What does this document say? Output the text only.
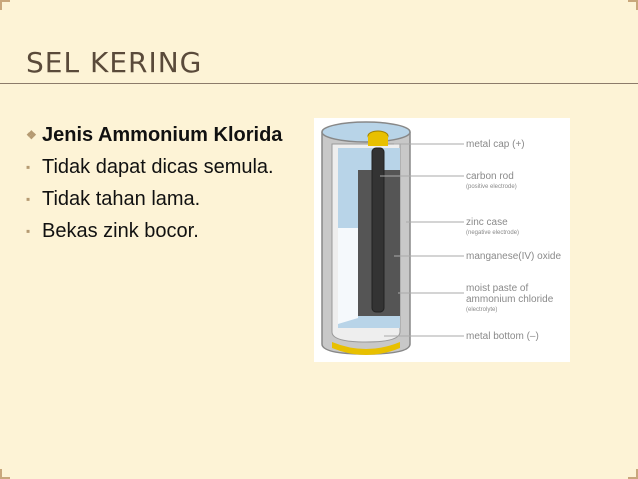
SEL KERING
❖ Jenis Ammonium Klorida
▪ Tidak dapat dicas semula.
▪ Tidak tahan lama.
▪ Bekas zink bocor.
metal cap (+)
carbon rod
(positive electrode)
zinc case
(negative electrode)
manganese(IV) oxide
moist paste of
ammonium chloride
(electrolyte)
metal bottom (–)
